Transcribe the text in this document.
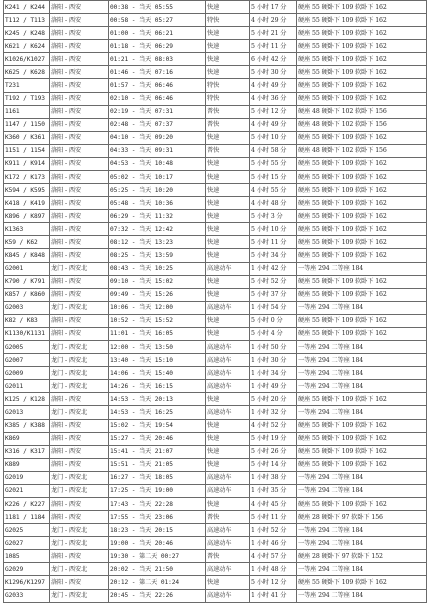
K241 / K244	洛阳 - 西安	00:38 - 当天 05:55	快速	5 小时 17 分	硬座 55 硬卧下 109 软卧下 162
T112 / T113	洛阳 - 西安	00:58 - 当天 05:27	特快	4 小时 29 分	硬座 55 硬卧下 109 软卧下 162
K245 / K248	洛阳 - 西安	01:00 - 当天 06:21	快速	5 小时 21 分	硬座 55 硬卧下 109 软卧下 162
K621 / K624	洛阳 - 西安	01:18 - 当天 06:29	快速	5 小时 11 分	硬座 55 硬卧下 109 软卧下 162
K1026/K1027	洛阳 - 西安	01:21 - 当天 08:03	快速	6 小时 42 分	硬座 55 硬卧下 109 软卧下 162
K625 / K628	洛阳 - 西安	01:46 - 当天 07:16	快速	5 小时 30 分	硬座 55 硬卧下 109 软卧下 162
T231	洛阳 - 西安	01:57 - 当天 06:46	特快	4 小时 49 分	硬座 55 硬卧下 109 软卧下 162
T192 / T193	洛阳 - 西安	02:10 - 当天 06:46	特快	4 小时 36 分	硬座 55 硬卧下 109 软卧下 162
1161	洛阳 - 西安	02:19 - 当天 07:31	普快	5 小时 12 分	硬座 48 硬卧下 102 软卧下 156
1147 / 1150	洛阳 - 西安	02:48 - 当天 07:37	普快	4 小时 49 分	硬座 48 硬卧下 102 软卧下 156
K360 / K361	洛阳 - 西安	04:10 - 当天 09:20	快速	5 小时 10 分	硬座 55 硬卧下 109 软卧下 162
1151 / 1154	洛阳 - 西安	04:33 - 当天 09:31	普快	4 小时 58 分	硬座 48 硬卧下 102 软卧下 156
K911 / K914	洛阳 - 西安	04:53 - 当天 10:48	快速	5 小时 55 分	硬座 55 硬卧下 109 软卧下 162
K172 / K173	洛阳 - 西安	05:02 - 当天 10:17	快速	5 小时 15 分	硬座 55 硬卧下 109 软卧下 162
K594 / K595	洛阳 - 西安	05:25 - 当天 10:20	快速	4 小时 55 分	硬座 55 硬卧下 109 软卧下 162
K418 / K419	洛阳 - 西安	05:48 - 当天 10:36	快速	4 小时 48 分	硬座 55 硬卧下 109 软卧下 162
K896 / K897	洛阳 - 西安	06:29 - 当天 11:32	快速	5 小时 3 分	硬座 55 硬卧下 109 软卧下 162
K1363	洛阳 - 西安	07:32 - 当天 12:42	快速	5 小时 10 分	硬座 55 硬卧下 109 软卧下 162
K59 / K62	洛阳 - 西安	08:12 - 当天 13:23	快速	5 小时 11 分	硬座 55 硬卧下 109 软卧下 162
K845 / K848	洛阳 - 西安	08:25 - 当天 13:59	快速	5 小时 34 分	硬座 55 硬卧下 109 软卧下 162
G2001	龙门 - 西安北	08:43 - 当天 10:25	高速动车	1 小时 42 分	一等座 294 二等座 184
K790 / K791	洛阳 - 西安	09:10 - 当天 15:02	快速	5 小时 52 分	硬座 55 硬卧下 109 软卧下 162
K857 / K860	洛阳 - 西安	09:49 - 当天 15:26	快速	5 小时 37 分	硬座 55 硬卧下 109 软卧下 162
G2003	龙门 - 西安北	10:06 - 当天 12:00	高速动车	1 小时 54 分	一等座 294 二等座 184
K82 / K83	洛阳 - 西安	10:52 - 当天 15:52	快速	5 小时 0 分	硬座 55 硬卧下 109 软卧下 162
K1130/K1131	洛阳 - 西安	11:01 - 当天 16:05	快速	5 小时 4 分	硬座 55 硬卧下 109 软卧下 162
G2005	龙门 - 西安北	12:00 - 当天 13:50	高速动车	1 小时 50 分	一等座 294 二等座 184
G2007	龙门 - 西安北	13:40 - 当天 15:10	高速动车	1 小时 30 分	一等座 294 二等座 184
G2009	龙门 - 西安北	14:06 - 当天 15:40	高速动车	1 小时 34 分	一等座 294 二等座 184
G2011	龙门 - 西安北	14:26 - 当天 16:15	高速动车	1 小时 49 分	一等座 294 二等座 184
K125 / K128	洛阳 - 西安	14:53 - 当天 20:13	快速	5 小时 20 分	硬座 55 硬卧下 109 软卧下 162
G2013	龙门 - 西安北	14:53 - 当天 16:25	高速动车	1 小时 32 分	一等座 294 二等座 184
K385 / K388	洛阳 - 西安	15:02 - 当天 19:54	快速	4 小时 52 分	硬座 55 硬卧下 109 软卧下 162
K869	洛阳 - 西安	15:27 - 当天 20:46	快速	5 小时 19 分	硬座 55 硬卧下 109 软卧下 162
K316 / K317	洛阳 - 西安	15:41 - 当天 21:07	快速	5 小时 26 分	硬座 55 硬卧下 109 软卧下 162
K889	洛阳 - 西安	15:51 - 当天 21:05	快速	5 小时 14 分	硬座 55 硬卧下 109 软卧下 162
G2019	龙门 - 西安北	16:27 - 当天 18:05	高速动车	1 小时 38 分	一等座 294 二等座 184
G2021	龙门 - 西安北	17:25 - 当天 19:00	高速动车	1 小时 35 分	一等座 294 二等座 184
K226 / K227	洛阳 - 西安	17:43 - 当天 22:28	快速	4 小时 45 分	硬座 55 硬卧下 109 软卧下 162
1181 / 1184	洛阳 - 西安	17:55 - 当天 23:06	普快	5 小时 11 分	硬座 28 硬卧下 97 软卧下 156
G2025	龙门 - 西安北	18:23 - 当天 20:15	高速动车	1 小时 52 分	一等座 294 二等座 184
G2027	龙门 - 西安北	19:00 - 当天 20:46	高速动车	1 小时 46 分	一等座 294 二等座 184
1085	洛阳 - 西安	19:30 - 第二天 00:27	普快	4 小时 57 分	硬座 28 硬卧下 97 软卧下 152
G2029	龙门 - 西安北	20:02 - 当天 21:50	高速动车	1 小时 48 分	一等座 294 二等座 184
K1296/K1297	洛阳 - 西安	20:12 - 第二天 01:24	快速	5 小时 12 分	硬座 55 硬卧下 109 软卧下 162
G2033	龙门 - 西安北	20:45 - 当天 22:26	高速动车	1 小时 41 分	一等座 294 二等座 184
